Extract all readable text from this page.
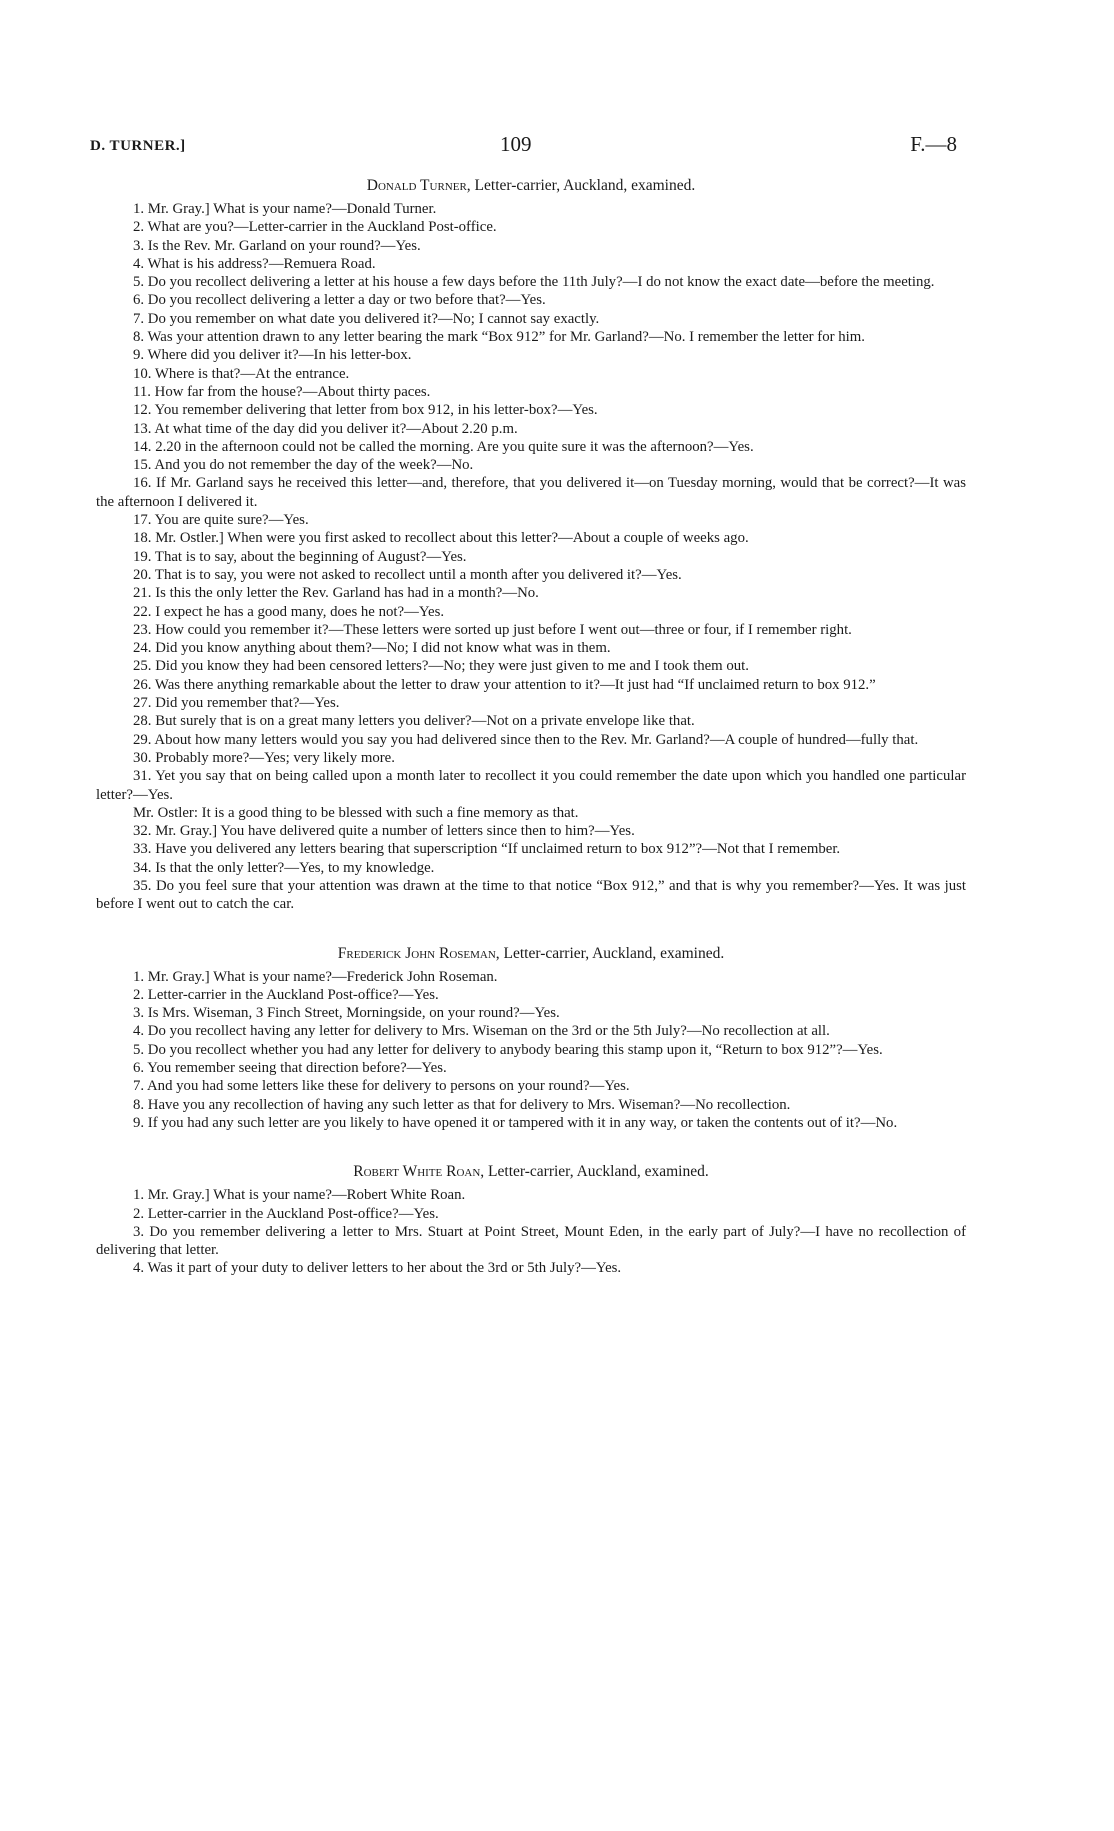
D. TURNER.]	109	F.—8

Donald Turner, Letter-carrier, Auckland, examined.

1. Mr. Gray.] What is your name?—Donald Turner.

2. What are you?—Letter-carrier in the Auckland Post-office.

3. Is the Rev. Mr. Garland on your round?—Yes.

4. What is his address?—Remuera Road.

5. Do you recollect delivering a letter at his house a few days before the 11th July?—I do not know the exact date—before the meeting.

6. Do you recollect delivering a letter a day or two before that?—Yes.

7. Do you remember on what date you delivered it?—No; I cannot say exactly.

8. Was your attention drawn to any letter bearing the mark “Box 912” for Mr. Garland?—No. I remember the letter for him.

9. Where did you deliver it?—In his letter-box.

10. Where is that?—At the entrance.

11. How far from the house?—About thirty paces.

12. You remember delivering that letter from box 912, in his letter-box?—Yes.

13. At what time of the day did you deliver it?—About 2.20 p.m.

14. 2.20 in the afternoon could not be called the morning. Are you quite sure it was the afternoon?—Yes.

15. And you do not remember the day of the week?—No.

16. If Mr. Garland says he received this letter—and, therefore, that you delivered it—on Tuesday morning, would that be correct?—It was the afternoon I delivered it.

17. You are quite sure?—Yes.

18. Mr. Ostler.] When were you first asked to recollect about this letter?—About a couple of weeks ago.

19. That is to say, about the beginning of August?—Yes.

20. That is to say, you were not asked to recollect until a month after you delivered it?—Yes.

21. Is this the only letter the Rev. Garland has had in a month?—No.

22. I expect he has a good many, does he not?—Yes.

23. How could you remember it?—These letters were sorted up just before I went out—three or four, if I remember right.

24. Did you know anything about them?—No; I did not know what was in them.

25. Did you know they had been censored letters?—No; they were just given to me and I took them out.

26. Was there anything remarkable about the letter to draw your attention to it?—It just had “If unclaimed return to box 912.”

27. Did you remember that?—Yes.

28. But surely that is on a great many letters you deliver?—Not on a private envelope like that.

29. About how many letters would you say you had delivered since then to the Rev. Mr. Garland?—A couple of hundred—fully that.

30. Probably more?—Yes; very likely more.

31. Yet you say that on being called upon a month later to recollect it you could remember the date upon which you handled one particular letter?—Yes.

Mr. Ostler: It is a good thing to be blessed with such a fine memory as that.

32. Mr. Gray.] You have delivered quite a number of letters since then to him?—Yes.

33. Have you delivered any letters bearing that superscription “If unclaimed return to box 912”?—Not that I remember.

34. Is that the only letter?—Yes, to my knowledge.

35. Do you feel sure that your attention was drawn at the time to that notice “Box 912,” and that is why you remember?—Yes. It was just before I went out to catch the car.

Frederick John Roseman, Letter-carrier, Auckland, examined.

1. Mr. Gray.] What is your name?—Frederick John Roseman.

2. Letter-carrier in the Auckland Post-office?—Yes.

3. Is Mrs. Wiseman, 3 Finch Street, Morningside, on your round?—Yes.

4. Do you recollect having any letter for delivery to Mrs. Wiseman on the 3rd or the 5th July?—No recollection at all.

5. Do you recollect whether you had any letter for delivery to anybody bearing this stamp upon it, “Return to box 912”?—Yes.

6. You remember seeing that direction before?—Yes.

7. And you had some letters like these for delivery to persons on your round?—Yes.

8. Have you any recollection of having any such letter as that for delivery to Mrs. Wiseman?—No recollection.

9. If you had any such letter are you likely to have opened it or tampered with it in any way, or taken the contents out of it?—No.

Robert White Roan, Letter-carrier, Auckland, examined.

1. Mr. Gray.] What is your name?—Robert White Roan.

2. Letter-carrier in the Auckland Post-office?—Yes.

3. Do you remember delivering a letter to Mrs. Stuart at Point Street, Mount Eden, in the early part of July?—I have no recollection of delivering that letter.

4. Was it part of your duty to deliver letters to her about the 3rd or 5th July?—Yes.
